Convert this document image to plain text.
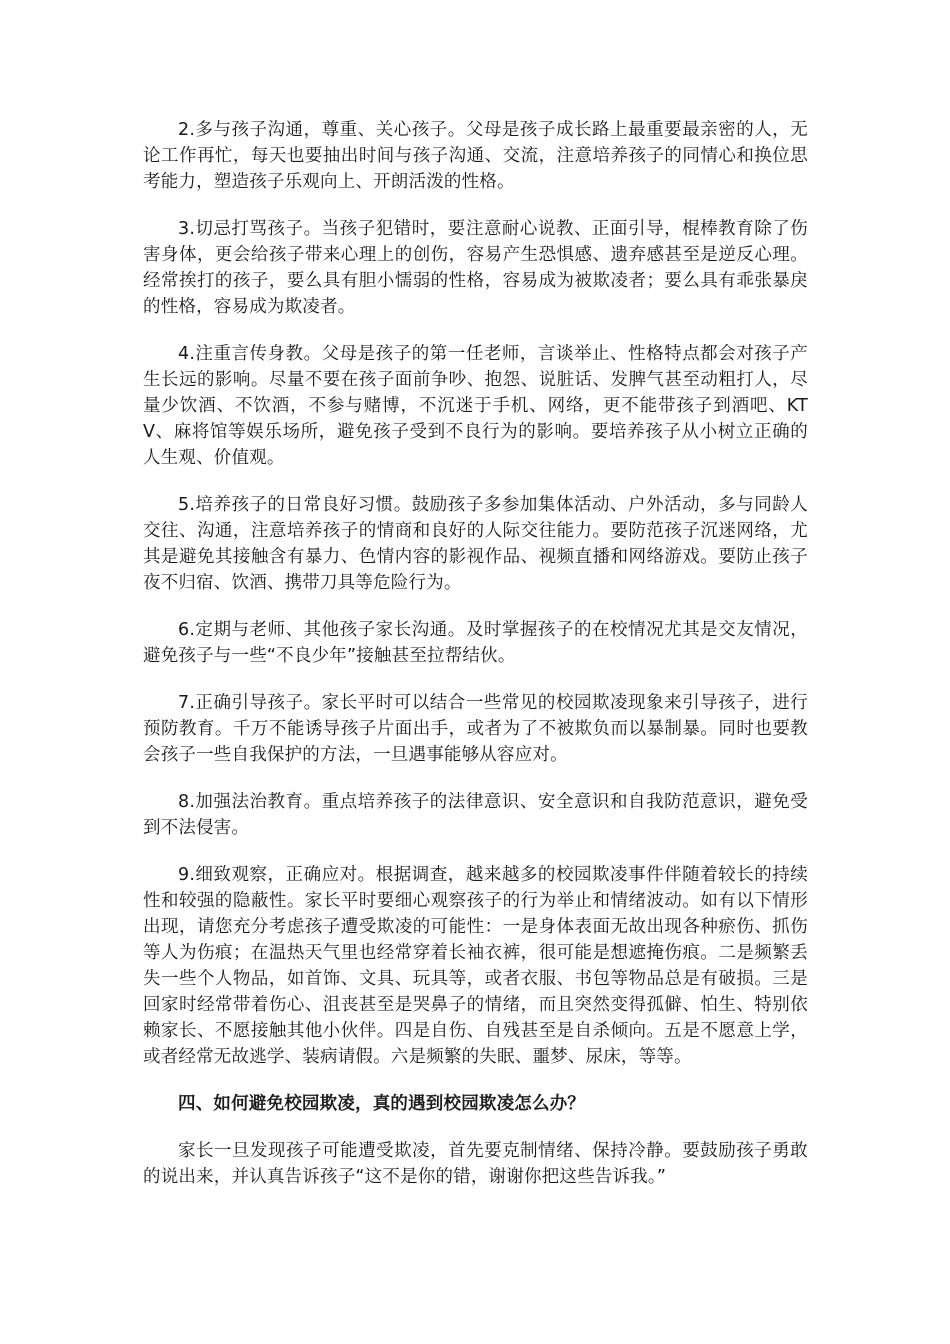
2.多与孩子沟通，尊重、关心孩子。父母是孩子成长路上最重要最亲密的人，无论工作再忙，每天也要抽出时间与孩子沟通、交流，注意培养孩子的同情心和换位思考能力，塑造孩子乐观向上、开朗活泼的性格。

3.切忌打骂孩子。当孩子犯错时，要注意耐心说教、正面引导，棍棒教育除了伤害身体，更会给孩子带来心理上的创伤，容易产生恐惧感、遗弃感甚至是逆反心理。经常挨打的孩子，要么具有胆小懦弱的性格，容易成为被欺凌者；要么具有乖张暴戾的性格，容易成为欺凌者。

4.注重言传身教。父母是孩子的第一任老师，言谈举止、性格特点都会对孩子产生长远的影响。尽量不要在孩子面前争吵、抱怨、说脏话、发脾气甚至动粗打人，尽量少饮酒、不饮酒，不参与赌博，不沉迷于手机、网络，更不能带孩子到酒吧、KTV、麻将馆等娱乐场所，避免孩子受到不良行为的影响。要培养孩子从小树立正确的人生观、价值观。

5.培养孩子的日常良好习惯。鼓励孩子多参加集体活动、户外活动，多与同龄人交往、沟通，注意培养孩子的情商和良好的人际交往能力。要防范孩子沉迷网络，尤其是避免其接触含有暴力、色情内容的影视作品、视频直播和网络游戏。要防止孩子夜不归宿、饮酒、携带刀具等危险行为。

6.定期与老师、其他孩子家长沟通。及时掌握孩子的在校情况尤其是交友情况，避免孩子与一些“不良少年”接触甚至拉帮结伙。

7.正确引导孩子。家长平时可以结合一些常见的校园欺凌现象来引导孩子，进行预防教育。千万不能诱导孩子片面出手，或者为了不被欺负而以暴制暴。同时也要教会孩子一些自我保护的方法，一旦遇事能够从容应对。

8.加强法治教育。重点培养孩子的法律意识、安全意识和自我防范意识，避免受到不法侵害。

9.细致观察，正确应对。根据调查，越来越多的校园欺凌事件伴随着较长的持续性和较强的隐蔽性。家长平时要细心观察孩子的行为举止和情绪波动。如有以下情形出现，请您充分考虑孩子遭受欺凌的可能性：一是身体表面无故出现各种瘀伤、抓伤等人为伤痕；在温热天气里也经常穿着长袖衣裤，很可能是想遮掩伤痕。二是频繁丢失一些个人物品，如首饰、文具、玩具等，或者衣服、书包等物品总是有破损。三是回家时经常带着伤心、沮丧甚至是哭鼻子的情绪，而且突然变得孤僻、怕生、特别依赖家长、不愿接触其他小伙伴。四是自伤、自残甚至是自杀倾向。五是不愿意上学，或者经常无故逃学、装病请假。六是频繁的失眠、噩梦、尿床，等等。

四、如何避免校园欺凌，真的遇到校园欺凌怎么办？

家长一旦发现孩子可能遭受欺凌，首先要克制情绪、保持冷静。要鼓励孩子勇敢的说出来，并认真告诉孩子“这不是你的错，谢谢你把这些告诉我。”
